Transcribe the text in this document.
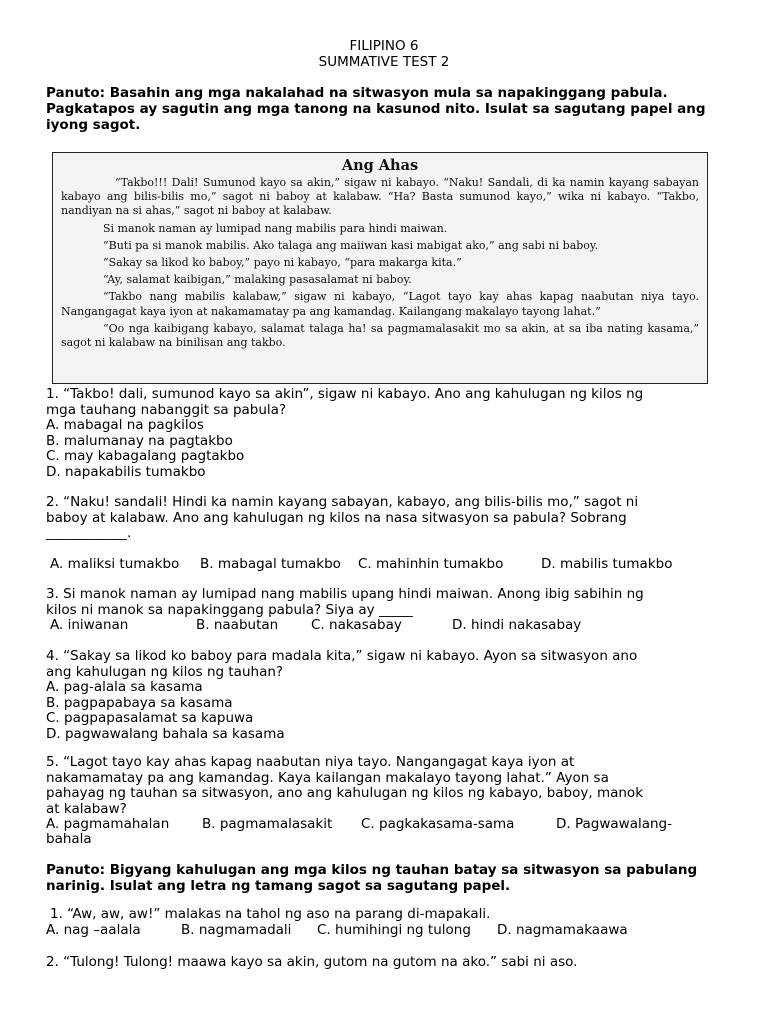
FILIPINO 6
SUMMATIVE TEST 2
Panuto: Basahin ang mga nakalahad na sitwasyon mula sa napakinggang pabula. Pagkatapos ay sagutin ang mga tanong na kasunod nito. Isulat sa sagutang papel ang iyong sagot.
Ang Ahas

“Takbo!!! Dali! Sumunod kayo sa akin,” sigaw ni kabayo. “Naku! Sandali, di ka namin kayang sabayan kabayo ang bilis-bilis mo,” sagot ni baboy at kalabaw. “Ha? Basta sumunod kayo,” wika ni kabayo. “Takbo, nandiyan na si ahas,” sagot ni baboy at kalabaw.

Si manok naman ay lumipad nang mabilis para hindi maiwan.

“Buti pa si manok mabilis. Ako talaga ang maiiwan kasi mabigat ako,” ang sabi ni baboy.

“Sakay sa likod ko baboy,” payo ni kabayo, “para makarga kita.”

“Ay, salamat kaibigan,” malaking pasasalamat ni baboy.

“Takbo nang mabilis kalabaw,” sigaw ni kabayo, “Lagot tayo kay ahas kapag naabutan niya tayo. Nangangagat kaya iyon at nakamamatay pa ang kamandag. Kailangang makalayo tayong lahat.”

“Oo nga kaibigang kabayo, salamat talaga ha! sa pagmamalasakit mo sa akin, at sa iba nating kasama,” sagot ni kalabaw na binilisan ang takbo.

1. “Takbo! dali, sumunod kayo sa akin”, sigaw ni kabayo. Ano ang kahulugan ng kilos ng
mga tauhang nabanggit sa pabula?
A. mabagal na pagkilos
B. malumanay na pagtakbo
C. may kabagalang pagtakbo
D. napakabilis tumakbo
2. “Naku! sandali! Hindi ka namin kayang sabayan, kabayo, ang bilis-bilis mo,” sagot ni
baboy at kalabaw. Ano ang kahulugan ng kilos na nasa sitwasyon sa pabula? Sobrang
____________.
A. maliksi tumakbo B. mabagal tumakbo C. mahinhin tumakbo	D. mabilis tumakbo
3. Si manok naman ay lumipad nang mabilis upang hindi maiwan. Anong ibig sabihin ng
kilos ni manok sa napakinggang pabula? Siya ay _____
A. iniwanan	B. naabutan C. nakasabay	D. hindi nakasabay
4. “Sakay sa likod ko baboy para madala kita,” sigaw ni kabayo. Ayon sa sitwasyon ano
ang kahulugan ng kilos ng tauhan?
A. pag-alala sa kasama
B. pagpapabaya sa kasama
C. pagpapasalamat sa kapuwa
D. pagwawalang bahala sa kasama
5. “Lagot tayo kay ahas kapag naabutan niya tayo. Nangangagat kaya iyon at
nakamamatay pa ang kamandag. Kaya kailangan makalayo tayong lahat.” Ayon sa
pahayag ng tauhan sa sitwasyon, ano ang kahulugan ng kilos ng kabayo, baboy, manok
at kalabaw?
A. pagmamahalan B. pagmamalasakit C. pagkakasama-sama	D. Pagwawalang-
bahala
Panuto: Bigyang kahulugan ang mga kilos ng tauhan batay sa sitwasyon sa pabulang narinig. Isulat ang letra ng tamang sagot sa sagutang papel.
1. “Aw, aw, aw!” malakas na tahol ng aso na parang di-mapakali.
A. nag –aalala	B. nagmamadali C. humihingi ng tulong D. nagmamakaawa
2. “Tulong! Tulong! maawa kayo sa akin, gutom na gutom na ako.” sabi ni aso.
